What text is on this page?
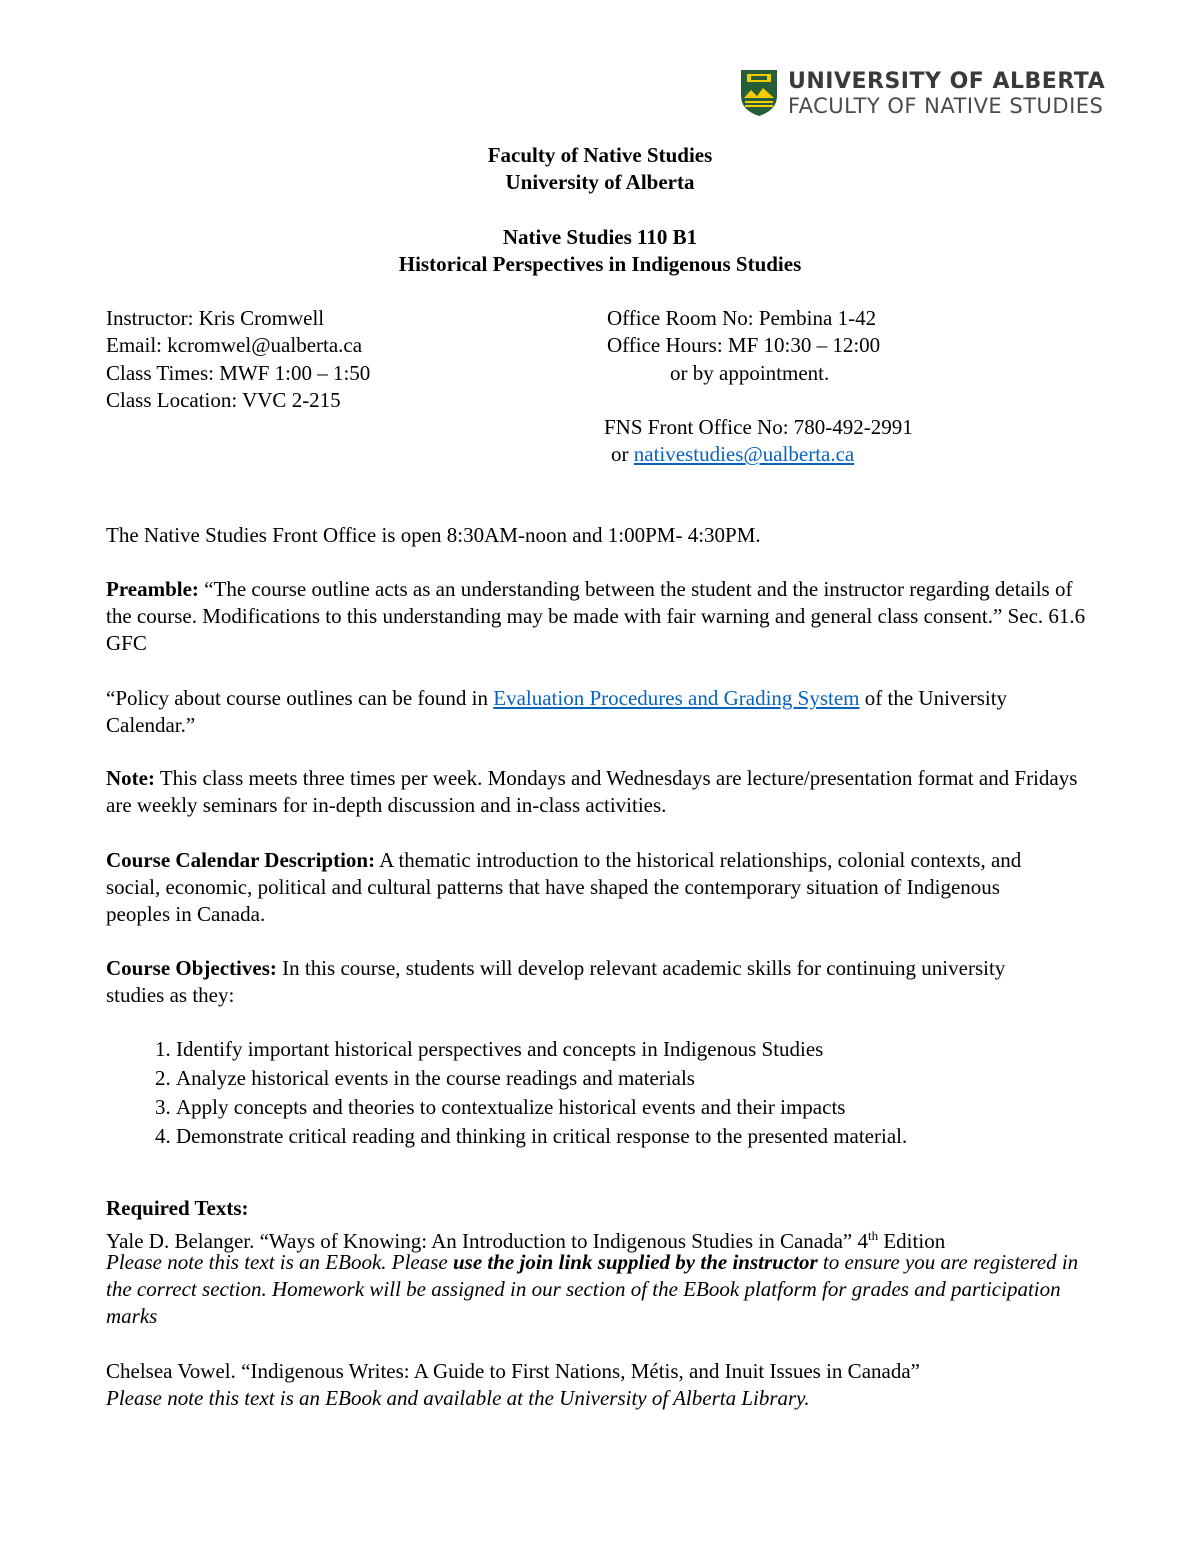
UNIVERSITY OF ALBERTA
FACULTY OF NATIVE STUDIES
Faculty of Native Studies
University of Alberta
Native Studies 110 B1
Historical Perspectives in Indigenous Studies
Instructor: Kris Cromwell
Email: kcromwel@ualberta.ca
Class Times: MWF 1:00 – 1:50
Class Location: VVC 2-215
Office Room No: Pembina 1-42
Office Hours: MF 10:30 – 12:00
or by appointment.
FNS Front Office No: 780-492-2991
or nativestudies@ualberta.ca
The Native Studies Front Office is open 8:30AM-noon and 1:00PM- 4:30PM.
Preamble: “The course outline acts as an understanding between the student and the instructor regarding details of the course. Modifications to this understanding may be made with fair warning and general class consent.” Sec. 61.6 GFC
“Policy about course outlines can be found in Evaluation Procedures and Grading System of the University Calendar.”
Note: This class meets three times per week. Mondays and Wednesdays are lecture/presentation format and Fridays are weekly seminars for in-depth discussion and in-class activities.
Course Calendar Description: A thematic introduction to the historical relationships, colonial contexts, and social, economic, political and cultural patterns that have shaped the contemporary situation of Indigenous peoples in Canada.
Course Objectives: In this course, students will develop relevant academic skills for continuing university studies as they:
1. Identify important historical perspectives and concepts in Indigenous Studies
2. Analyze historical events in the course readings and materials
3. Apply concepts and theories to contextualize historical events and their impacts
4. Demonstrate critical reading and thinking in critical response to the presented material.
Required Texts:
Yale D. Belanger. “Ways of Knowing: An Introduction to Indigenous Studies in Canada” 4th Edition
Please note this text is an EBook. Please use the join link supplied by the instructor to ensure you are registered in the correct section. Homework will be assigned in our section of the EBook platform for grades and participation marks
Chelsea Vowel. “Indigenous Writes: A Guide to First Nations, Métis, and Inuit Issues in Canada”
Please note this text is an EBook and available at the University of Alberta Library.
